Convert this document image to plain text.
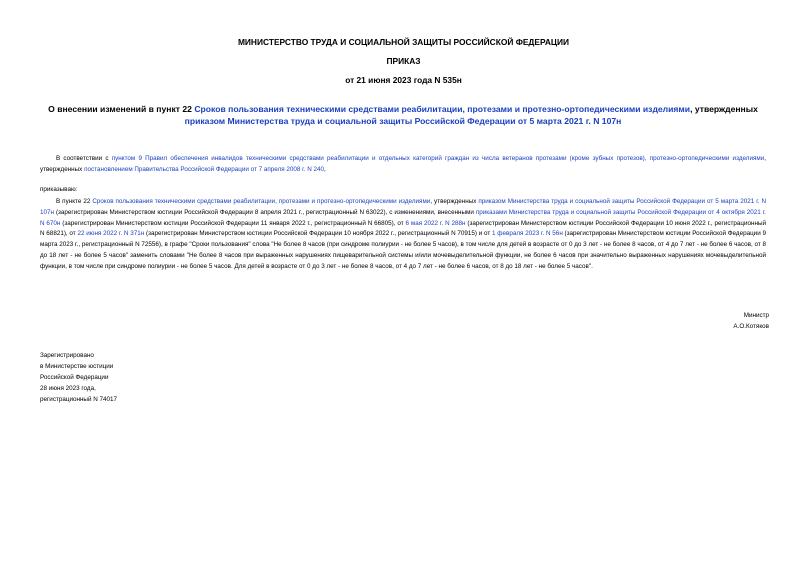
МИНИСТЕРСТВО ТРУДА И СОЦИАЛЬНОЙ ЗАЩИТЫ РОССИЙСКОЙ ФЕДЕРАЦИИ
ПРИКАЗ
от 21 июня 2023 года N 535н
О внесении изменений в пункт 22 Сроков пользования техническими средствами реабилитации, протезами и протезно-ортопедическими изделиями, утвержденных приказом Министерства труда и социальной защиты Российской Федерации от 5 марта 2021 г. N 107н
В соответствии с пунктом 9 Правил обеспечения инвалидов техническими средствами реабилитации и отдельных категорий граждан из числа ветеранов протезами (кроме зубных протезов), протезно-ортопедическими изделиями, утвержденных постановлением Правительства Российской Федерации от 7 апреля 2008 г. N 240,
приказываю:
В пункте 22 Сроков пользования техническими средствами реабилитации, протезами и протезно-ортопедическими изделиями, утвержденных приказом Министерства труда и социальной защиты Российской Федерации от 5 марта 2021 г. N 107н (зарегистрирован Министерством юстиции Российской Федерации 8 апреля 2021 г., регистрационный N 63022), с изменениями, внесенными приказами Министерства труда и социальной защиты Российской Федерации от 4 октября 2021 г. N 670н (зарегистрирован Министерством юстиции Российской Федерации 11 января 2022 г., регистрационный N 66805), от 6 мая 2022 г. N 288н (зарегистрирован Министерством юстиции Российской Федерации 10 июня 2022 г., регистрационный N 68821), от 22 июня 2022 г. N 371н (зарегистрирован Министерством юстиции Российской Федерации 10 ноября 2022 г., регистрационный N 70915) и от 1 февраля 2023 г. N 56н (зарегистрирован Министерством юстиции Российской Федерации 9 марта 2023 г., регистрационный N 72556), в графе "Сроки пользования" слова "Не более 8 часов (при синдроме полиурии - не более 5 часов), в том числе для детей в возрасте от 0 до 3 лет - не более 8 часов, от 4 до 7 лет - не более 6 часов, от 8 до 18 лет - не более 5 часов" заменить словами "Не более 8 часов при выраженных нарушениях пищеварительной системы и/или мочевыделительной функции, не более 6 часов при значительно выраженных нарушениях мочевыделительной функции, в том числе при синдроме полиурии - не более 5 часов. Для детей в возрасте от 0 до 3 лет - не более 8 часов, от 4 до 7 лет - не более 6 часов, от 8 до 18 лет - не более 5 часов".
Министр
А.О.Котяков
Зарегистрировано
в Министерстве юстиции
Российской Федерации
28 июня 2023 года,
регистрационный N 74017
